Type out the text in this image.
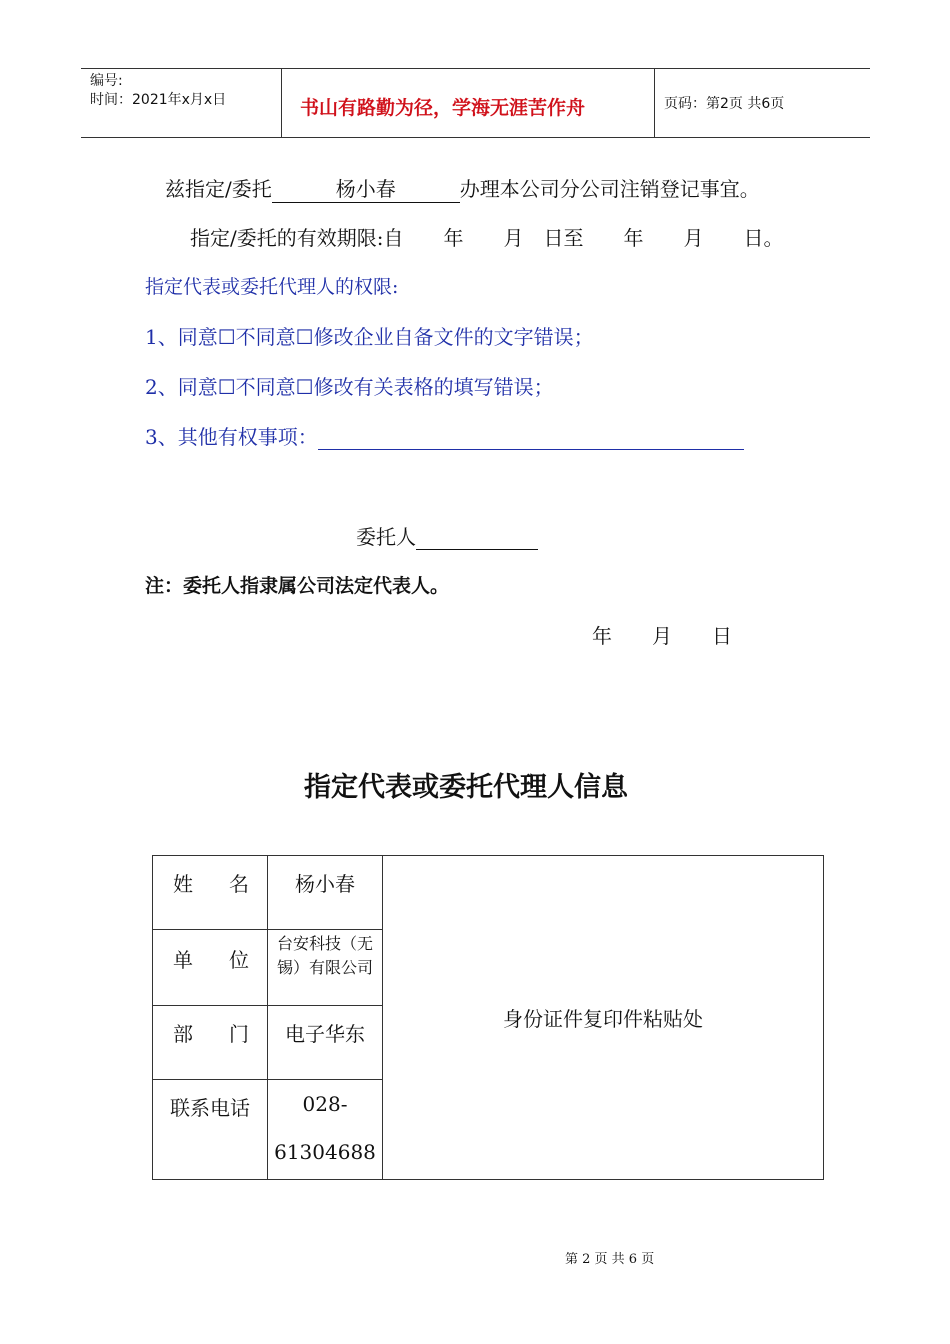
编号:
时间：2021年x月x日	书山有路勤为径，学海无涯苦作舟	页码：第2页 共6页
兹指定/委托	杨小春	办理本公司分公司注销登记事宜。
指定/委托的有效期限:自　　年　　月　日至　　年　　月　　日。
指定代表或委托代理人的权限:
1、同意☐不同意☐修改企业自备文件的文字错误；
2、同意☐不同意☐修改有关表格的填写错误；
3、其他有权事项：
委托人
注：委托人指隶属公司法定代表人。
年　　月　　日
指定代表或委托代理人信息
姓 名	杨小春	身份证件复印件粘贴处

单 位	台安科技（无锡）有限公司	

部 门	电子华东	

联系电话	028-
61304688	
第 2 页 共 6 页
